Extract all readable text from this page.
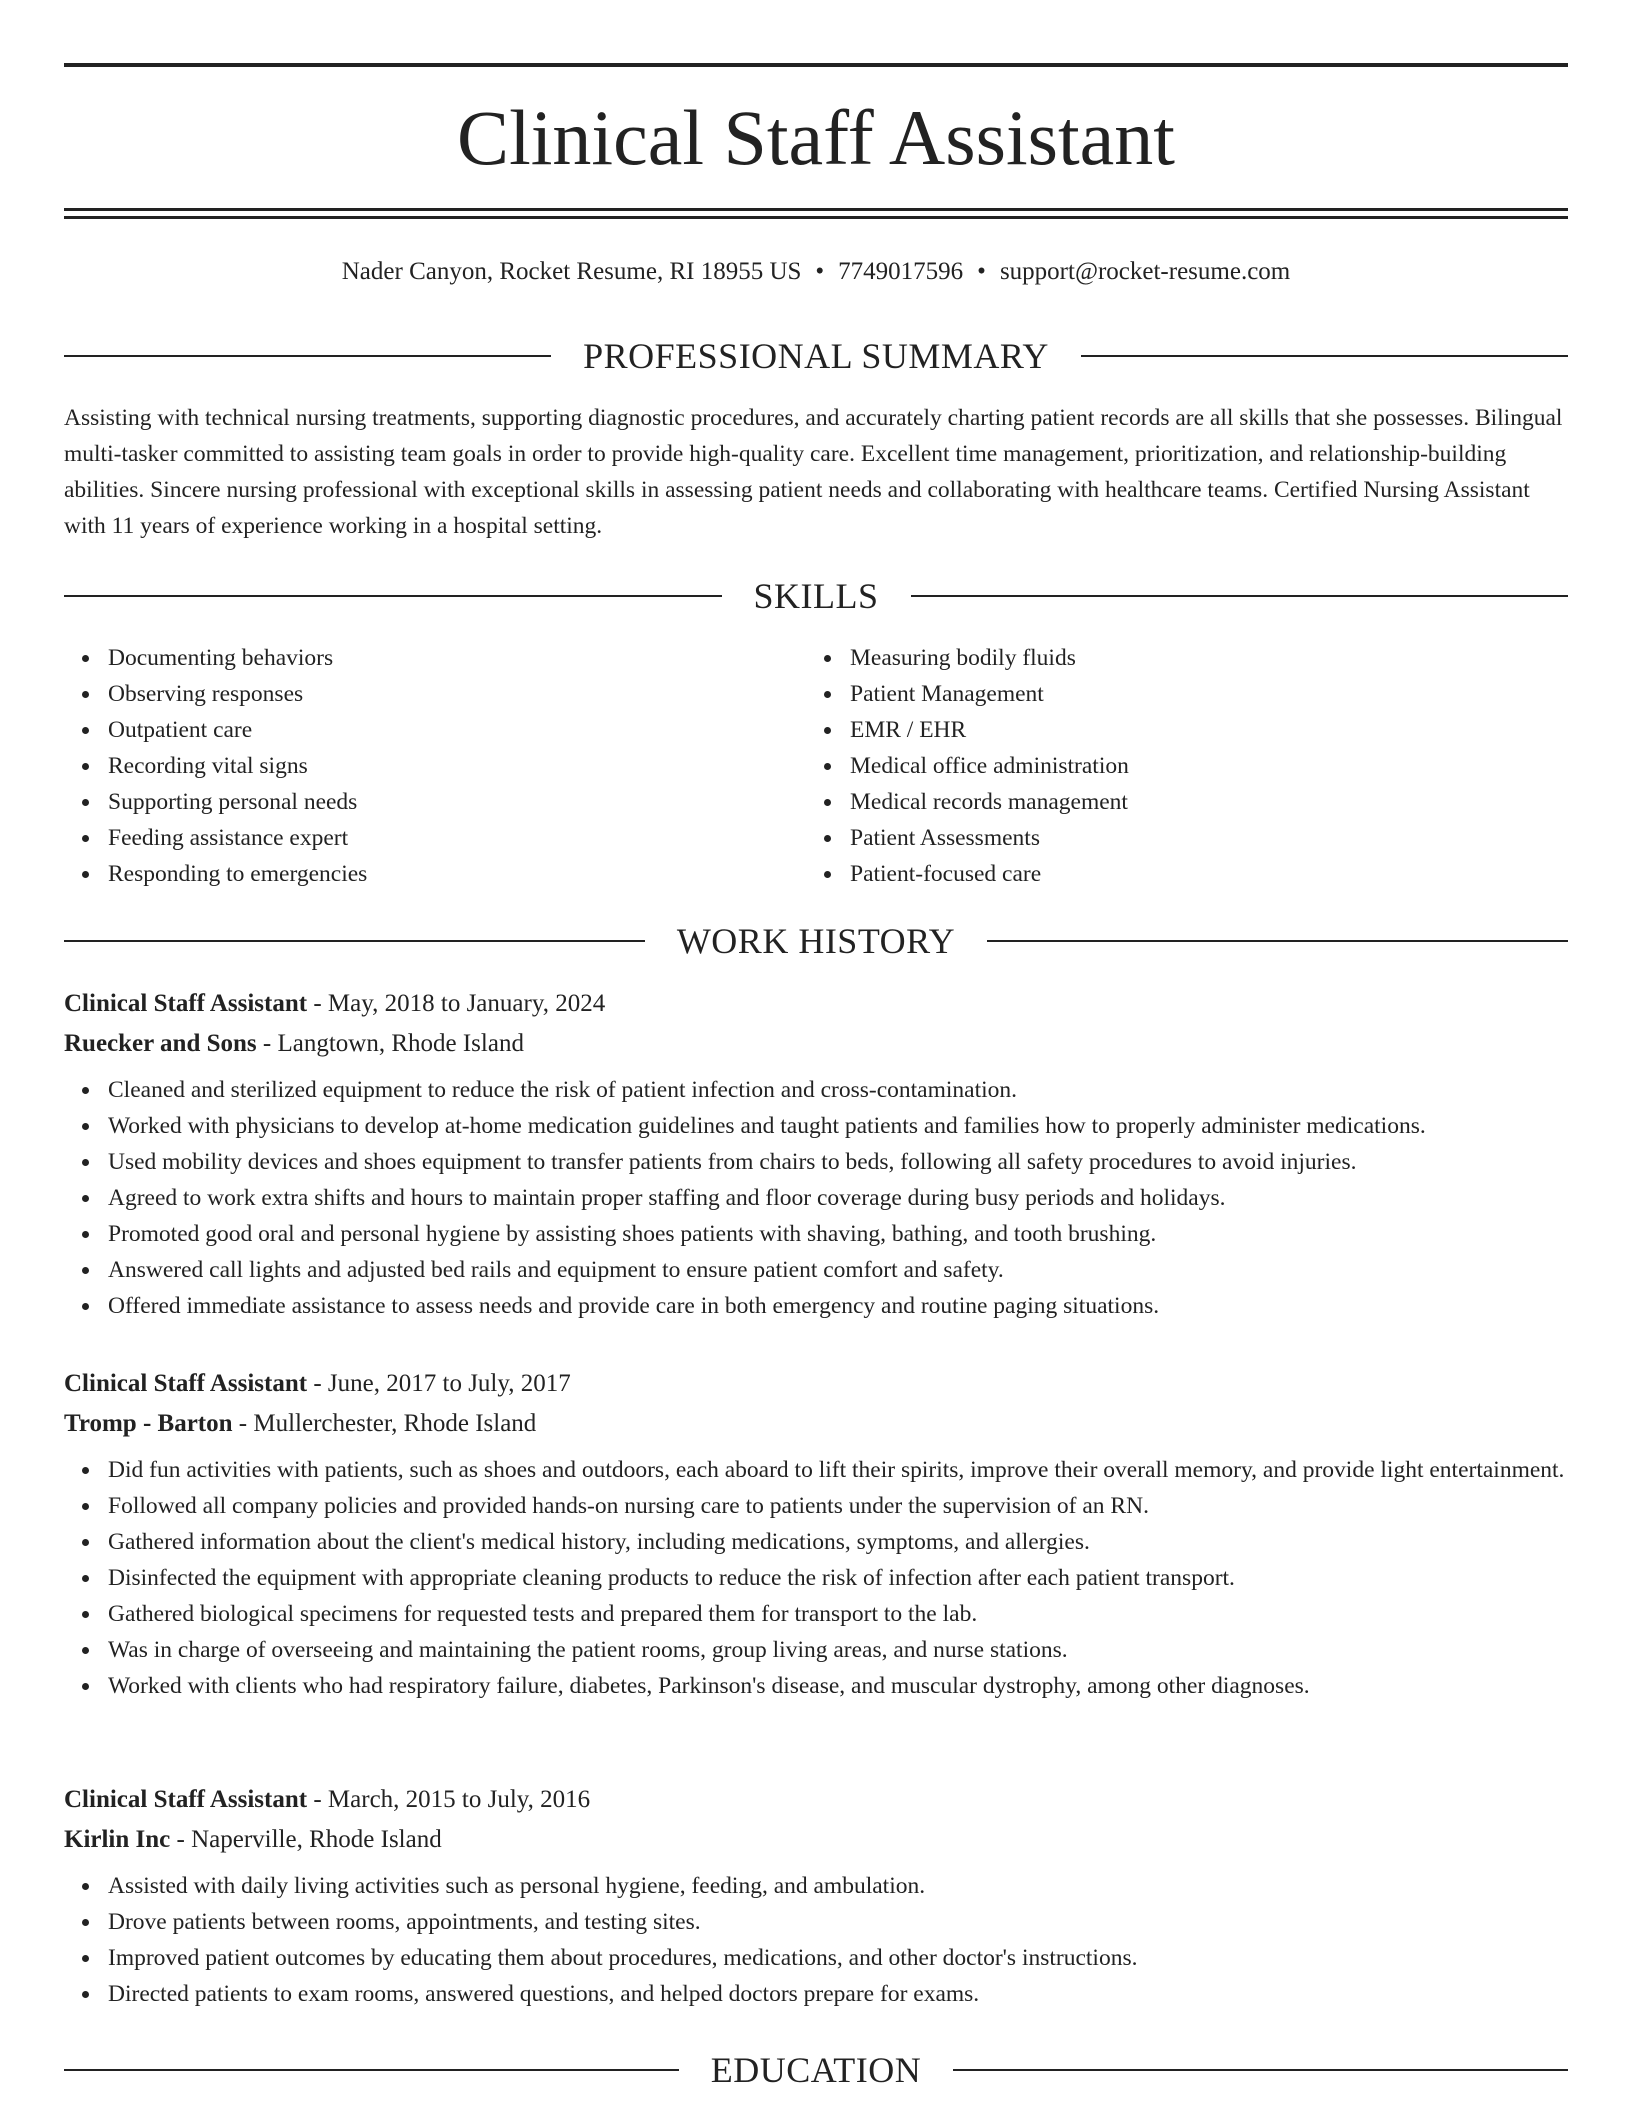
Clinical Staff Assistant
Nader Canyon, Rocket Resume, RI 18955 US • 7749017596 • support@rocket-resume.com
PROFESSIONAL SUMMARY
Assisting with technical nursing treatments, supporting diagnostic procedures, and accurately charting patient records are all skills that she possesses. Bilingual multi-tasker committed to assisting team goals in order to provide high-quality care. Excellent time management, prioritization, and relationship-building abilities. Sincere nursing professional with exceptional skills in assessing patient needs and collaborating with healthcare teams. Certified Nursing Assistant with 11 years of experience working in a hospital setting.
SKILLS
Documenting behaviors
Observing responses
Outpatient care
Recording vital signs
Supporting personal needs
Feeding assistance expert
Responding to emergencies
Measuring bodily fluids
Patient Management
EMR / EHR
Medical office administration
Medical records management
Patient Assessments
Patient-focused care
WORK HISTORY
Clinical Staff Assistant - May, 2018 to January, 2024
Ruecker and Sons - Langtown, Rhode Island
Cleaned and sterilized equipment to reduce the risk of patient infection and cross-contamination.
Worked with physicians to develop at-home medication guidelines and taught patients and families how to properly administer medications.
Used mobility devices and shoes equipment to transfer patients from chairs to beds, following all safety procedures to avoid injuries.
Agreed to work extra shifts and hours to maintain proper staffing and floor coverage during busy periods and holidays.
Promoted good oral and personal hygiene by assisting shoes patients with shaving, bathing, and tooth brushing.
Answered call lights and adjusted bed rails and equipment to ensure patient comfort and safety.
Offered immediate assistance to assess needs and provide care in both emergency and routine paging situations.
Clinical Staff Assistant - June, 2017 to July, 2017
Tromp - Barton - Mullerchester, Rhode Island
Did fun activities with patients, such as shoes and outdoors, each aboard to lift their spirits, improve their overall memory, and provide light entertainment.
Followed all company policies and provided hands-on nursing care to patients under the supervision of an RN.
Gathered information about the client's medical history, including medications, symptoms, and allergies.
Disinfected the equipment with appropriate cleaning products to reduce the risk of infection after each patient transport.
Gathered biological specimens for requested tests and prepared them for transport to the lab.
Was in charge of overseeing and maintaining the patient rooms, group living areas, and nurse stations.
Worked with clients who had respiratory failure, diabetes, Parkinson's disease, and muscular dystrophy, among other diagnoses.
Clinical Staff Assistant - March, 2015 to July, 2016
Kirlin Inc - Naperville, Rhode Island
Assisted with daily living activities such as personal hygiene, feeding, and ambulation.
Drove patients between rooms, appointments, and testing sites.
Improved patient outcomes by educating them about procedures, medications, and other doctor's instructions.
Directed patients to exam rooms, answered questions, and helped doctors prepare for exams.
EDUCATION
